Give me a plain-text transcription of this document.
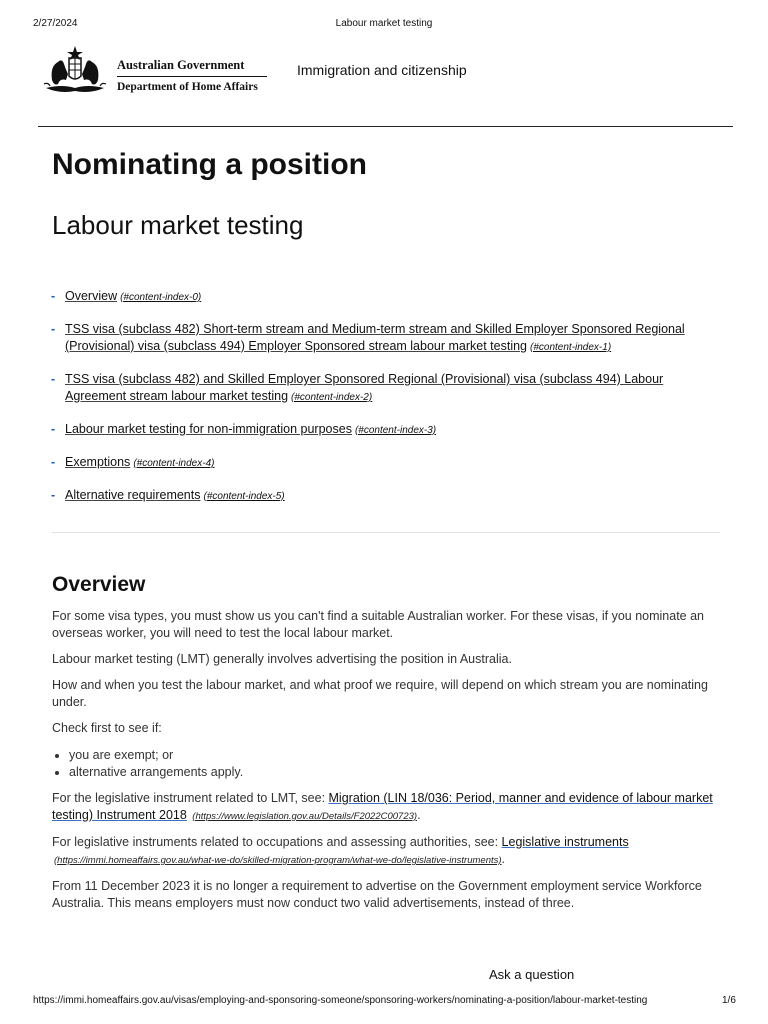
2/27/2024	Labour market testing
Australian Government
Department of Home Affairs
Immigration and citizenship
Nominating a position
Labour market testing
- Overview (#content-index-0)
- TSS visa (subclass 482) Short-term stream and Medium-term stream and Skilled Employer Sponsored Regional (Provisional) visa (subclass 494) Employer Sponsored stream labour market testing (#content-index-1)
- TSS visa (subclass 482) and Skilled Employer Sponsored Regional (Provisional) visa (subclass 494) Labour Agreement stream labour market testing (#content-index-2)
- Labour market testing for non-immigration purposes (#content-index-3)
- Exemptions (#content-index-4)
- Alternative requirements (#content-index-5)
Overview

For some visa types, you must show us you can't find a suitable Australian worker. For these visas, if you nominate an overseas worker, you will need to test the local labour market.

Labour market testing (LMT) generally involves advertising the position in Australia.

How and when you test the labour market, and what proof we require, will depend on which stream you are nominating under.

Check first to see if:

• you are exempt; or
• alternative arrangements apply.

For the legislative instrument related to LMT, see: Migration (LIN 18/036: Period, manner and evidence of labour market testing) Instrument 2018 (https://www.legislation.gov.au/Details/F2022C00723).

For legislative instruments related to occupations and assessing authorities, see: Legislative instruments (https://immi.homeaffairs.gov.au/what-we-do/skilled-migration-program/what-we-do/legislative-instruments).

From 11 December 2023 it is no longer a requirement to advertise on the Government employment service Workforce Australia. This means employers must now conduct two valid advertisements, instead of three.

Ask a question
https://immi.homeaffairs.gov.au/visas/employing-and-sponsoring-someone/sponsoring-workers/nominating-a-position/labour-market-testing	1/6
